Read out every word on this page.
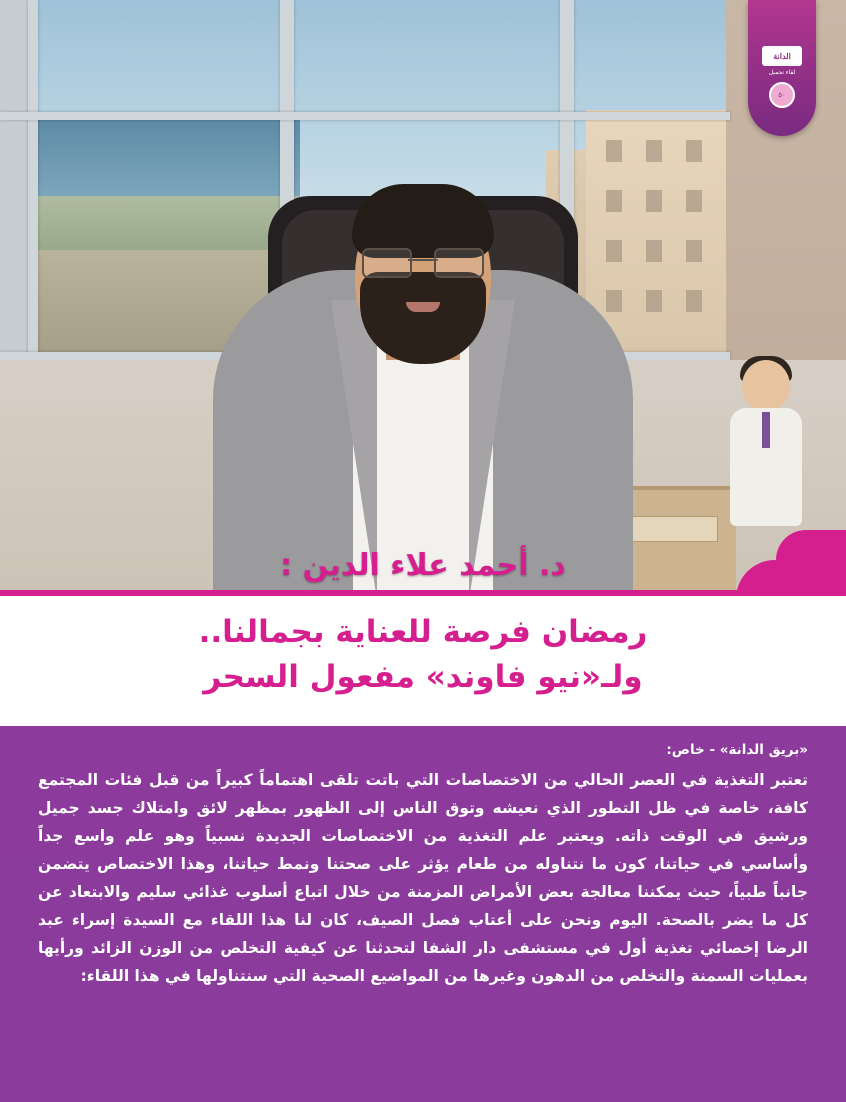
الدانة
لقاء تجميل
٥٠
د. أحمد علاء الدين :
رمضان فرصة للعناية بجمالنا..
ولـ«نيو فاوند» مفعول السحر

«بريق الدانة» - خاص:

تعتبر التغذية في العصر الحالي من الاختصاصات التي باتت تلقى اهتماماً كبيراً من قبل فئات المجتمع كافة، خاصة في ظل التطور الذي نعيشه وتوق الناس إلى الظهور بمظهر لائق وامتلاك جسد جميل ورشيق في الوقت ذاته. ويعتبر علم التغذية من الاختصاصات الجديدة نسبياً وهو علم واسع جداً وأساسي في حياتنا، كون ما نتناوله من طعام يؤثر على صحتنا ونمط حياتنا، وهذا الاختصاص يتضمن جانباً طبياً، حيث يمكننا معالجة بعض الأمراض المزمنة من خلال اتباع أسلوب غذائي سليم والابتعاد عن كل ما يضر بالصحة. اليوم ونحن على أعتاب فصل الصيف، كان لنا هذا اللقاء مع السيدة إسراء عبد الرضا إخصائي تغذية أول في مستشفى دار الشفا لتحدثنا عن كيفية التخلص من الوزن الزائد ورأيها بعمليات السمنة والتخلص من الدهون وغيرها من المواضيع الصحية التي سنتناولها في هذا اللقاء:
